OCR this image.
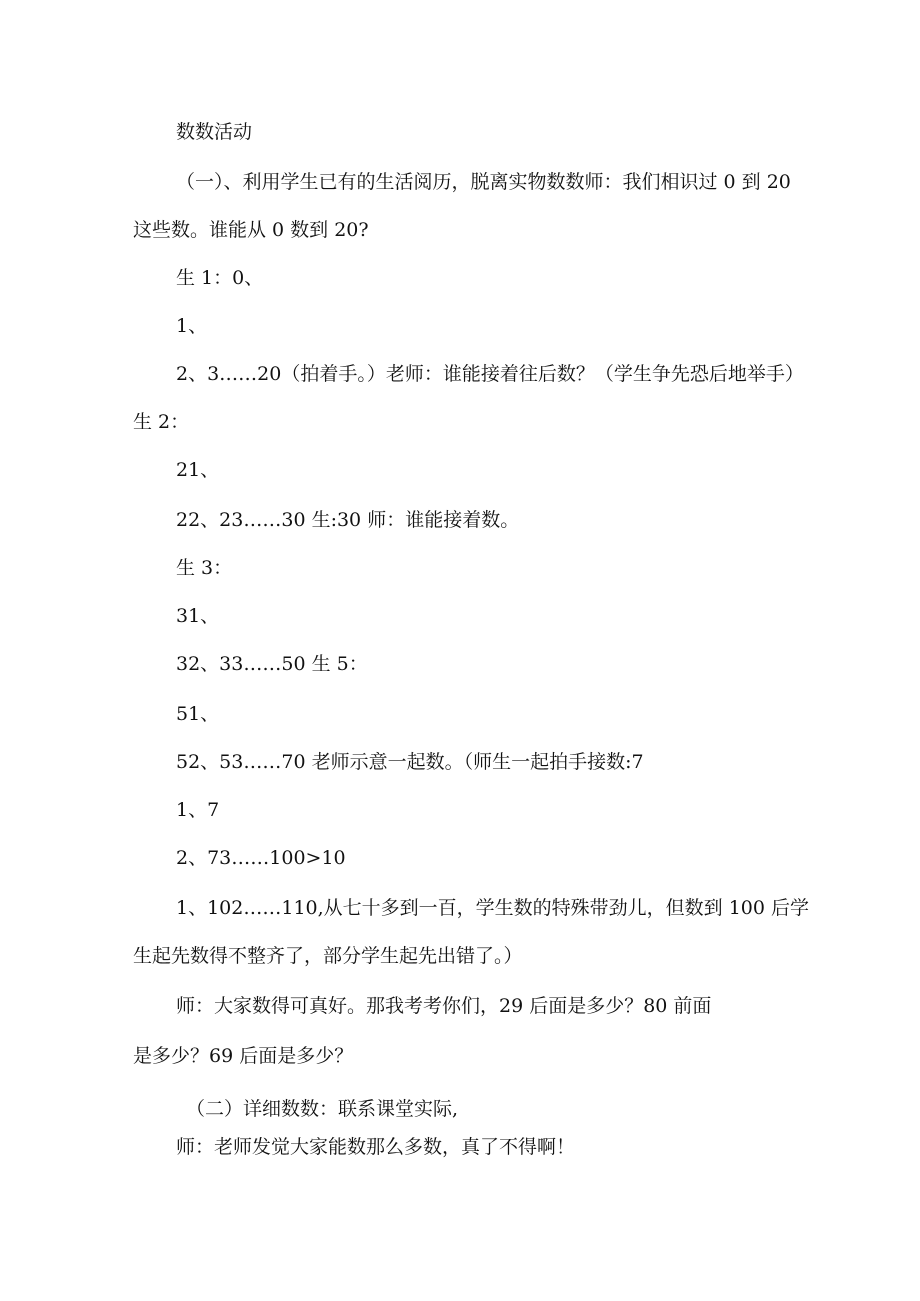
数数活动

（一）、利用学生已有的生活阅历，脱离实物数数师：我们相识过 0 到 20

这些数。谁能从 0 数到 20?

生 1：0、

1、

2、3……20（拍着手。）老师：谁能接着往后数？（学生争先恐后地举手）

生 2：

21、

22、23……30 生:30 师：谁能接着数。

生 3：

31、

32、33……50 生 5：

51、

52、53……70 老师示意一起数。（师生一起拍手接数:7

1、7

2、73……100>10

1、102……110,从七十多到一百，学生数的特殊带劲儿，但数到 100 后学

生起先数得不整齐了，部分学生起先出错了。）

师：大家数得可真好。那我考考你们，29 后面是多少？80 前面

是多少？69 后面是多少？

（二）详细数数：联系课堂实际,

师：老师发觉大家能数那么多数，真了不得啊！
